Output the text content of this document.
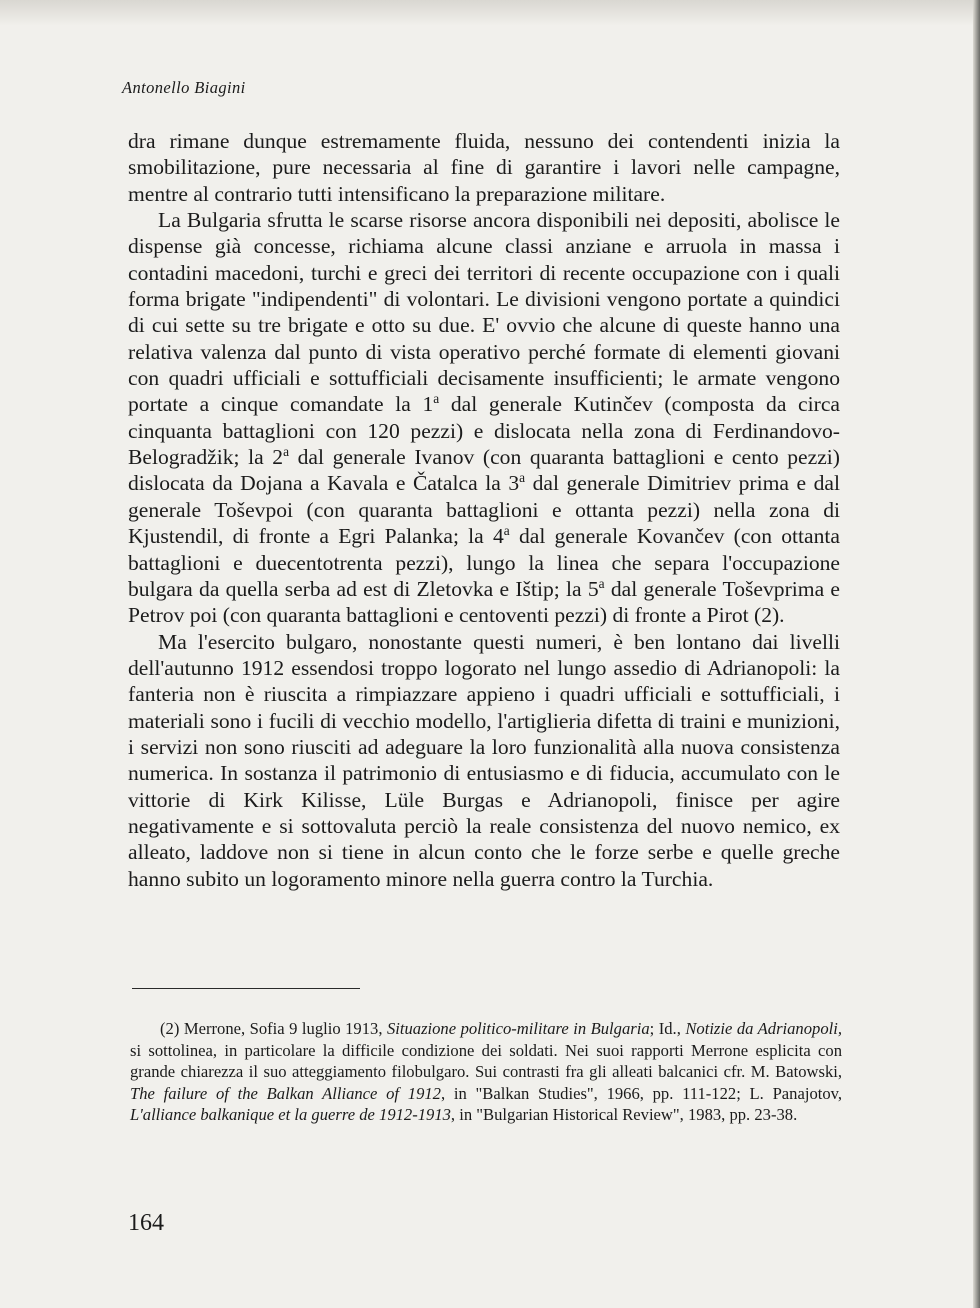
Antonello Biagini

dra rimane dunque estremamente fluida, nessuno dei contendenti inizia la smobilitazione, pure necessaria al fine di garantire i lavori nelle campagne, mentre al contrario tutti intensificano la preparazione militare.

La Bulgaria sfrutta le scarse risorse ancora disponibili nei depositi, abolisce le dispense già concesse, richiama alcune classi anziane e arruola in massa i contadini macedoni, turchi e greci dei territori di recente occupazione con i quali forma brigate "indipendenti" di volontari. Le divisioni vengono portate a quindici di cui sette su tre brigate e otto su due. E' ovvio che alcune di queste hanno una relativa valenza dal punto di vista operativo perché formate di elementi giovani con quadri ufficiali e sottufficiali decisamente insufficienti; le armate vengono portate a cinque comandate la 1$^a$ dal generale Kutinčev (composta da circa cinquanta battaglioni con 120 pezzi) e dislocata nella zona di Ferdinandovo-Belogradžik; la 2$^a$ dal generale Ivanov (con quaranta battaglioni e cento pezzi) dislocata da Dojana a Kavala e Čatalca la 3$^a$ dal generale Dimitriev prima e dal generale Toševpoi (con quaranta battaglioni e ottanta pezzi) nella zona di Kjustendil, di fronte a Egri Palanka; la 4$^a$ dal generale Kovančev (con ottanta battaglioni e duecentotrenta pezzi), lungo la linea che separa l'occupazione bulgara da quella serba ad est di Zletovka e Ištip; la 5$^a$ dal generale Toševprima e Petrov poi (con quaranta battaglioni e centoventi pezzi) di fronte a Pirot (2).

Ma l'esercito bulgaro, nonostante questi numeri, è ben lontano dai livelli dell'autunno 1912 essendosi troppo logorato nel lungo assedio di Adrianopoli: la fanteria non è riuscita a rimpiazzare appieno i quadri ufficiali e sottufficiali, i materiali sono i fucili di vecchio modello, l'artiglieria difetta di traini e munizioni, i servizi non sono riusciti ad adeguare la loro funzionalità alla nuova consistenza numerica. In sostanza il patrimonio di entusiasmo e di fiducia, accumulato con le vittorie di Kirk Kilisse, Lüle Burgas e Adrianopoli, finisce per agire negativamente e si sottovaluta perciò la reale consistenza del nuovo nemico, ex alleato, laddove non si tiene in alcun conto che le forze serbe e quelle greche hanno subito un logoramento minore nella guerra contro la Turchia.

(2) Merrone, Sofia 9 luglio 1913, Situazione politico-militare in Bulgaria; Id., Notizie da Adrianopoli, si sottolinea, in particolare la difficile condizione dei soldati. Nei suoi rapporti Merrone esplicita con grande chiarezza il suo atteggiamento filobulgaro. Sui contrasti fra gli alleati balcanici cfr. M. Batowski, The failure of the Balkan Alliance of 1912, in "Balkan Studies", 1966, pp. 111-122; L. Panajotov, L'alliance balkanique et la guerre de 1912-1913, in "Bulgarian Historical Review", 1983, pp. 23-38.

164
